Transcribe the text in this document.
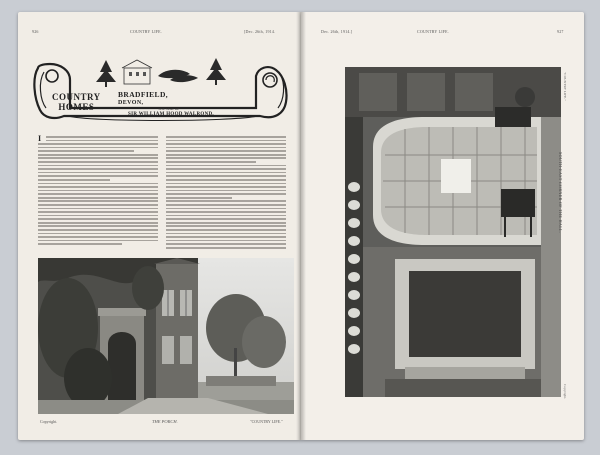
926	COUNTRY LIFE.	[Dec. 26th, 1914.
COUNTRY
HOMES
BRADFIELD,
DEVON,
THE SEAT OF
SIR WILLIAM HOOD WALROND.
I
Copyright.	THE PORCH.	"COUNTRY LIFE."
Dec. 26th, 1914.]	COUNTRY LIFE.	927
"COUNTRY LIFE."
SOUTH-EAST CORNER OF THE HALL.
Copyright.
